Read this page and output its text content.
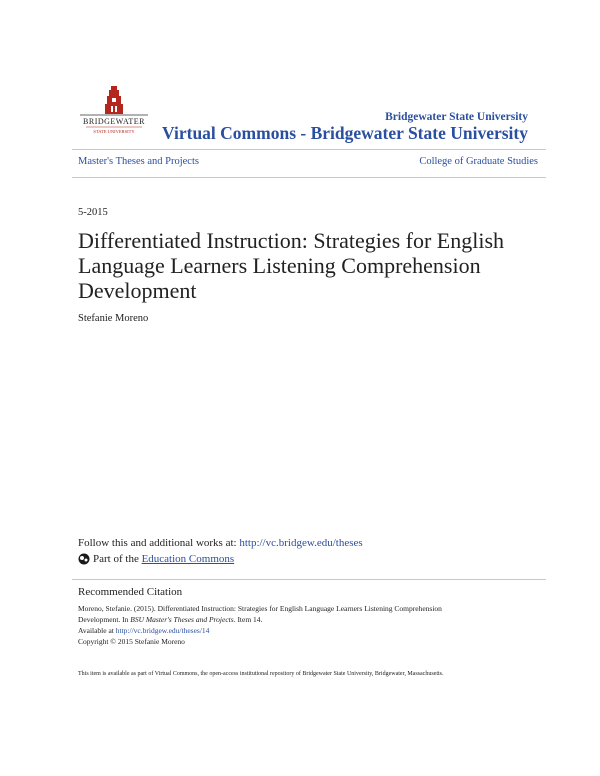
BRIDGEWATER
STATE UNIVERSITY
Bridgewater State University
Virtual Commons - Bridgewater State University
Master's Theses and Projects	College of Graduate Studies
5-2015
Differentiated Instruction: Strategies for English Language Learners Listening Comprehension Development
Stefanie Moreno
Follow this and additional works at: http://vc.bridgew.edu/theses
Part of the
Education Commons
Recommended Citation
Moreno, Stefanie. (2015). Differentiated Instruction: Strategies for English Language Learners Listening Comprehension
Development. In BSU Master's Theses and Projects. Item 14.
Available at http://vc.bridgew.edu/theses/14
Copyright © 2015 Stefanie Moreno
This item is available as part of Virtual Commons, the open-access institutional repository of Bridgewater State University, Bridgewater, Massachusetts.
